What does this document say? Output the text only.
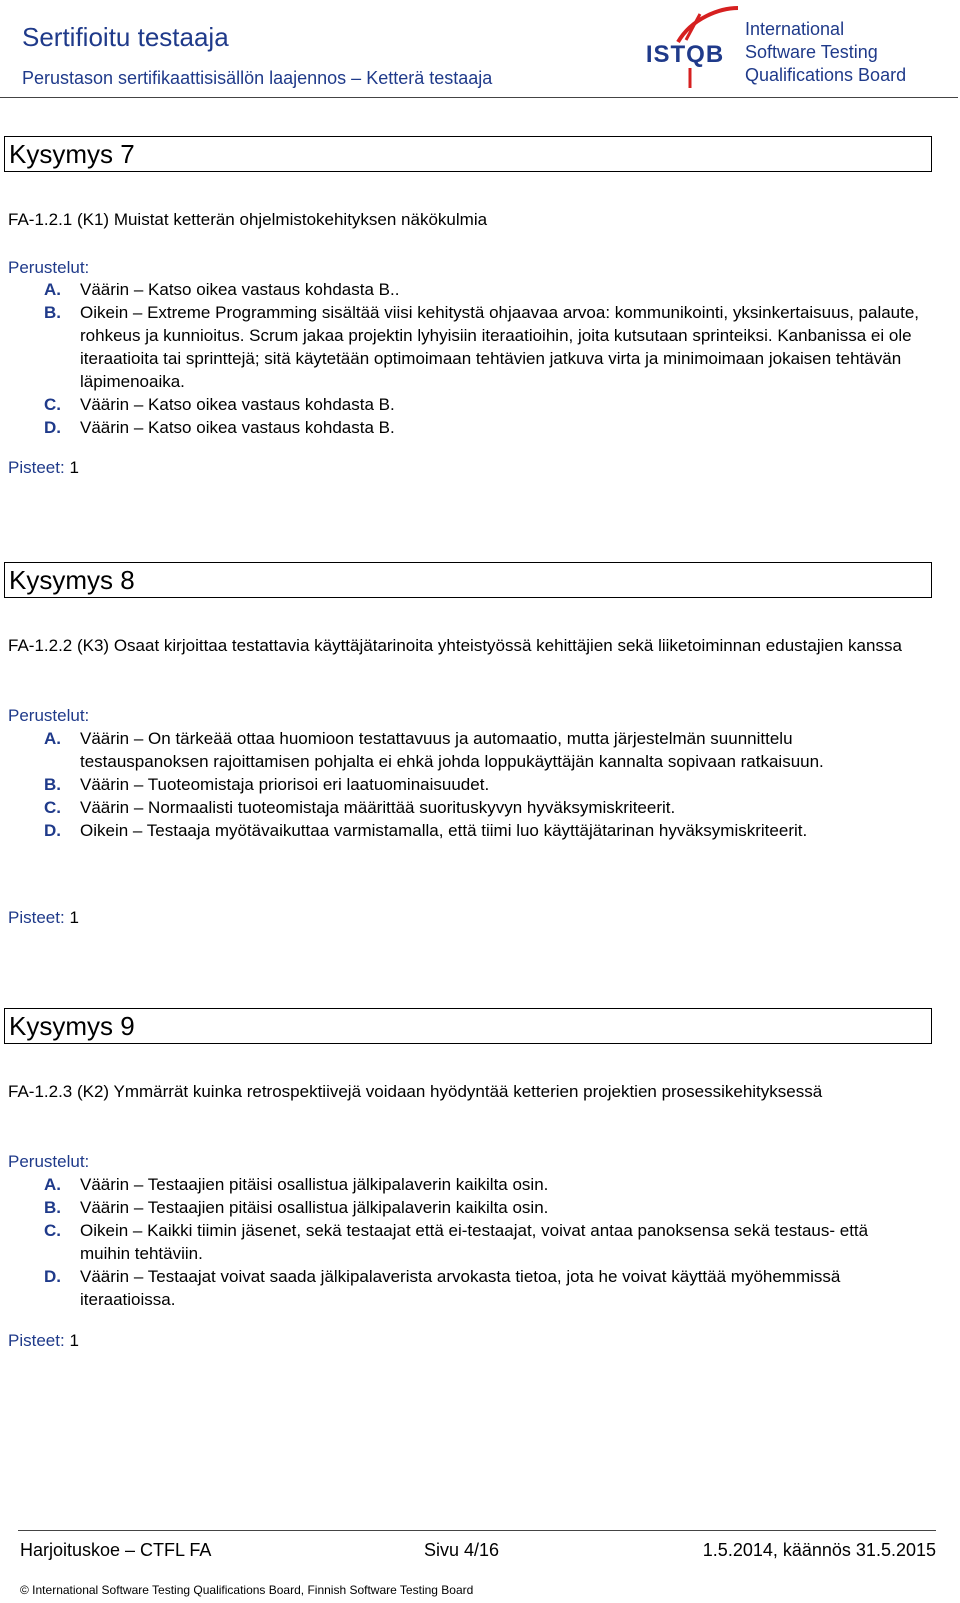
Sertifioitu testaaja
Perustason sertifikaattisisällön laajennos – Ketterä testaaja
ISTQB
International
Software Testing
Qualifications Board
Kysymys 7
FA-1.2.1 (K1) Muistat ketterän ohjelmistokehityksen näkökulmia
Perustelut:
A. Väärin – Katso oikea vastaus kohdasta B..
B. Oikein – Extreme Programming sisältää viisi kehitystä ohjaavaa arvoa: kommunikointi, yksinkertaisuus, palaute, rohkeus ja kunnioitus. Scrum jakaa projektin lyhyisiin iteraatioihin, joita kutsutaan sprinteiksi. Kanbanissa ei ole iteraatioita tai sprinttejä; sitä käytetään optimoimaan tehtävien jatkuva virta ja minimoimaan jokaisen tehtävän läpimenoaika.
C. Väärin – Katso oikea vastaus kohdasta B.
D. Väärin – Katso oikea vastaus kohdasta B.
Pisteet: 1
Kysymys 8
FA-1.2.2 (K3) Osaat kirjoittaa testattavia käyttäjätarinoita yhteistyössä kehittäjien sekä liiketoiminnan edustajien kanssa
Perustelut:
A. Väärin – On tärkeää ottaa huomioon testattavuus ja automaatio, mutta järjestelmän suunnittelu testauspanoksen rajoittamisen pohjalta ei ehkä johda loppukäyttäjän kannalta sopivaan ratkaisuun.
B. Väärin – Tuoteomistaja priorisoi eri laatuominaisuudet.
C. Väärin – Normaalisti tuoteomistaja määrittää suorituskyvyn hyväksymiskriteerit.
D. Oikein – Testaaja myötävaikuttaa varmistamalla, että tiimi luo käyttäjätarinan hyväksymiskriteerit.
Pisteet: 1
Kysymys 9
FA-1.2.3 (K2) Ymmärrät kuinka retrospektiivejä voidaan hyödyntää ketterien projektien prosessikehityksessä
Perustelut:
A. Väärin – Testaajien pitäisi osallistua jälkipalaverin kaikilta osin.
B. Väärin – Testaajien pitäisi osallistua jälkipalaverin kaikilta osin.
C. Oikein – Kaikki tiimin jäsenet, sekä testaajat että ei-testaajat, voivat antaa panoksensa sekä testaus- että muihin tehtäviin.
D. Väärin – Testaajat voivat saada jälkipalaverista arvokasta tietoa, jota he voivat käyttää myöhemmissä iteraatioissa.
Pisteet: 1
Harjoituskoe – CTFL FA	Sivu 4/16	1.5.2014, käännös 31.5.2015
© International Software Testing Qualifications Board, Finnish Software Testing Board
